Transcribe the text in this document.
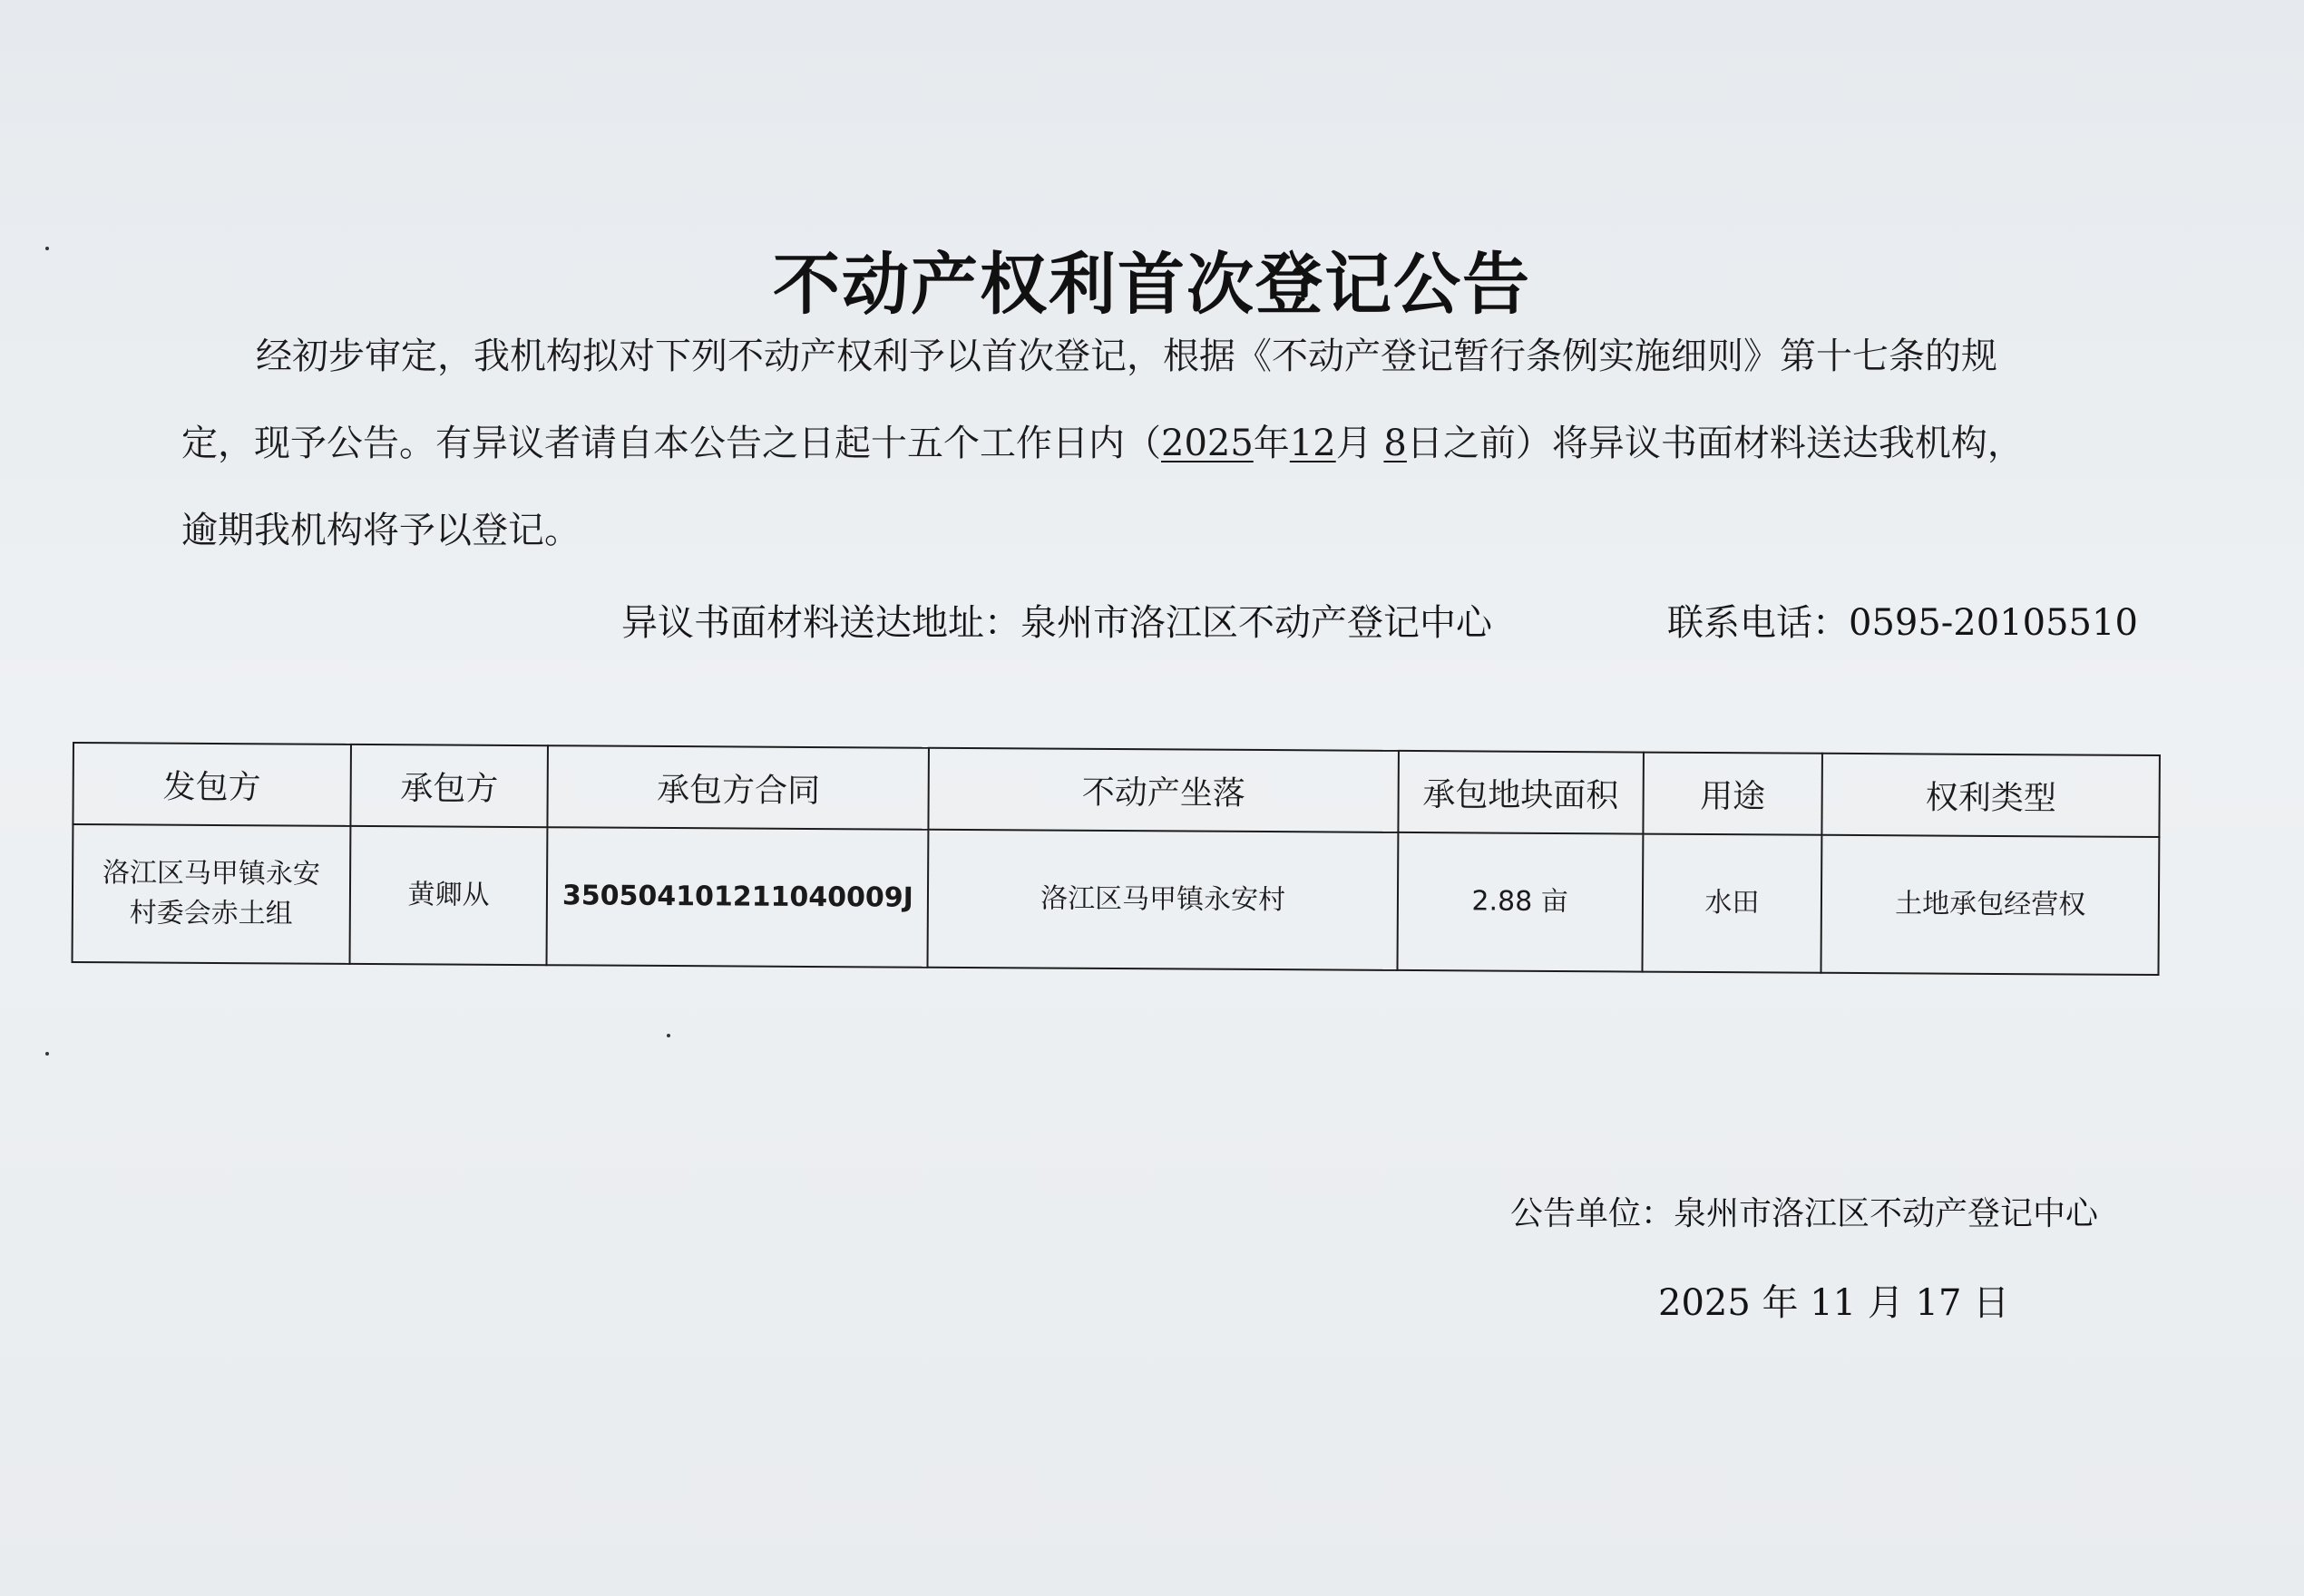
不动产权利首次登记公告
经初步审定，我机构拟对下列不动产权利予以首次登记，根据《不动产登记暂行条例实施细则》第十七条的规
定，现予公告。有异议者请自本公告之日起十五个工作日内（2025年12月 8日之前）将异议书面材料送达我机构，
逾期我机构将予以登记。
异议书面材料送达地址：泉州市洛江区不动产登记中心	联系电话：0595-20105510
发包方	承包方	承包方合同	不动产坐落	承包地块面积	用途	权利类型
洛江区马甲镇永安村委会赤土组	黄卿从	350504101211040009J	洛江区马甲镇永安村	2.88 亩	水田	土地承包经营权
公告单位：泉州市洛江区不动产登记中心
2025 年 11 月 17 日
